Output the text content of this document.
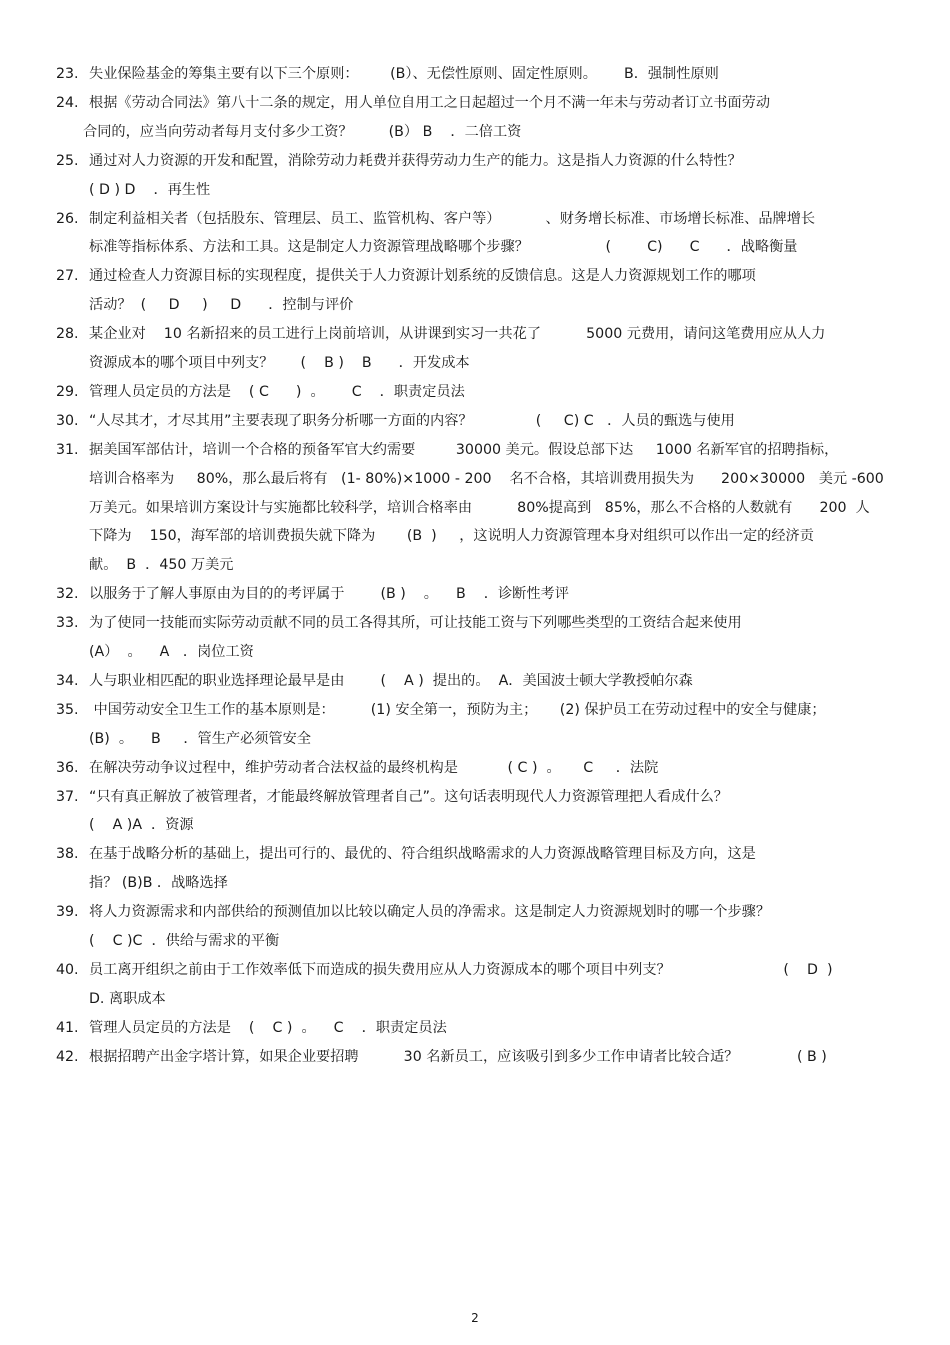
23. 失业保险基金的筹集主要有以下三个原则：       (B）、无偿性原则、固定性原则。      B．强制性原则
24. 根据《劳动合同法》第八十二条的规定，用人单位自用工之日起超过一个月不满一年未与劳动者订立书面劳动
合同的，应当向劳动者每月支付多少工资？        (B） B    ．二倍工资
25. 通过对人力资源的开发和配置，消除劳动力耗费并获得劳动力生产的能力。这是指人力资源的什么特性？
( D ) D    ．再生性
26. 制定利益相关者（包括股东、管理层、员工、监管机构、客户等）          、财务增长标准、市场增长标准、品牌增长
标准等指标体系、方法和工具。这是制定人力资源管理战略哪个步骤？                 (        C)      C      ．战略衡量
27. 通过检查人力资源目标的实现程度，提供关于人力资源计划系统的反馈信息。这是人力资源规划工作的哪项
活动？  (     D     )     D      ．控制与评价
28. 某企业对    10 名新招来的员工进行上岗前培训，从讲课到实习一共花了          5000 元费用，请问这笔费用应从人力
资源成本的哪个项目中列支？      (    B )    B      ．开发成本
29. 管理人员定员的方法是    ( C      )  。      C    ．职责定员法
30. “人尽其才，才尽其用”主要表现了职务分析哪一方面的内容？              (     C) C   ．人员的甄选与使用
31. 据美国军部估计，培训一个合格的预备军官大约需要         30000 美元。假设总部下达     1000 名新军官的招聘指标，
培训合格率为     80%，那么最后将有   (1- 80%)×1000 - 200    名不合格，其培训费用损失为      200×30000   美元 -600
万美元。如果培训方案设计与实施都比较科学，培训合格率由          80%提高到   85%，那么不合格的人数就有      200  人
下降为    150，海军部的培训费损失就下降为       (B  )     ，这说明人力资源管理本身对组织可以作出一定的经济贡
献。  B  ．450 万美元
32. 以服务于了解人事原由为目的的考评属于        (B )    。    B    ．诊断性考评
33. 为了使同一技能而实际劳动贡献不同的员工各得其所，可让技能工资与下列哪些类型的工资结合起来使用
(A）  。    A   ．岗位工资
34. 人与职业相匹配的职业选择理论最早是由        (    A )  提出的。  A．美国波士顿大学教授帕尔森
35. 中国劳动安全卫生工作的基本原则是：        (1) 安全第一，预防为主；     (2) 保护员工在劳动过程中的安全与健康；
(B)  。    B     ．管生产必须管安全
36. 在解决劳动争议过程中，维护劳动者合法权益的最终机构是           ( C )  。     C     ．法院
37. “只有真正解放了被管理者，才能最终解放管理者自己”。这句话表明现代人力资源管理把人看成什么？
(    A )A  ．资源
38. 在基于战略分析的基础上，提出可行的、最优的、符合组织战略需求的人力资源战略管理目标及方向，这是
指？ (B)B ．战略选择
39. 将人力资源需求和内部供给的预测值加以比较以确定人员的净需求。这是制定人力资源规划时的哪一个步骤？
(    C )C  ．供给与需求的平衡
40. 员工离开组织之前由于工作效率低下而造成的损失费用应从人力资源成本的哪个项目中列支？                         (    D  )
D. 离职成本
41. 管理人员定员的方法是    (    C )  。    C    ．职责定员法
42. 根据招聘产出金字塔计算，如果企业要招聘          30 名新员工，应该吸引到多少工作申请者比较合适？             ( B )
2
